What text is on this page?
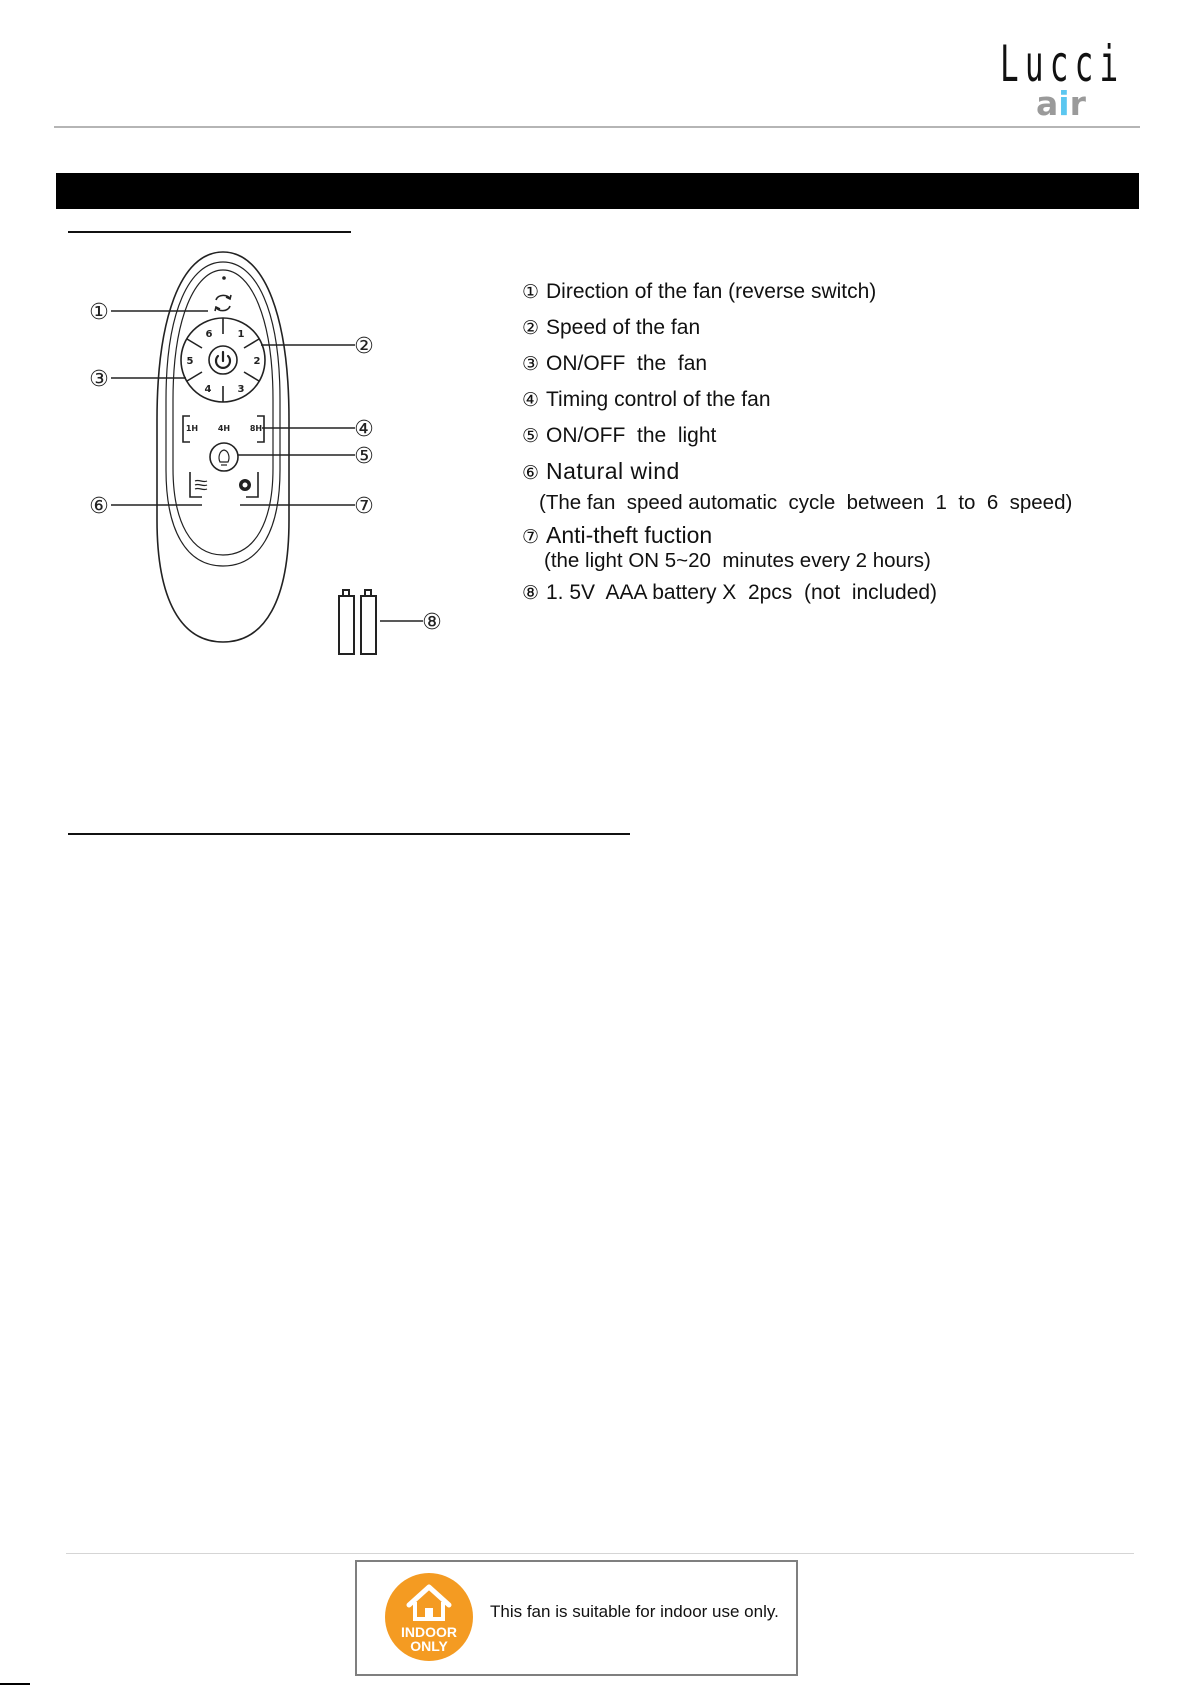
Lucci
air
1
2
3
4
5
6
1H 4H 8H
①
②
③
④
⑤
⑥	⑦
⑧
① Direction of the fan (reverse switch)
② Speed of the fan
③ ON/OFF  the  fan
④ Timing control of the fan
⑤ ON/OFF  the  light
⑥ Natural wind
(The fan  speed automatic  cycle  between  1  to  6  speed)
⑦ Anti-theft fuction
(the light ON 5~20  minutes every 2 hours)
⑧ 1. 5V  AAA battery X  2pcs  (not  included)
INDOOR
ONLY
This fan is suitable for indoor use only.
